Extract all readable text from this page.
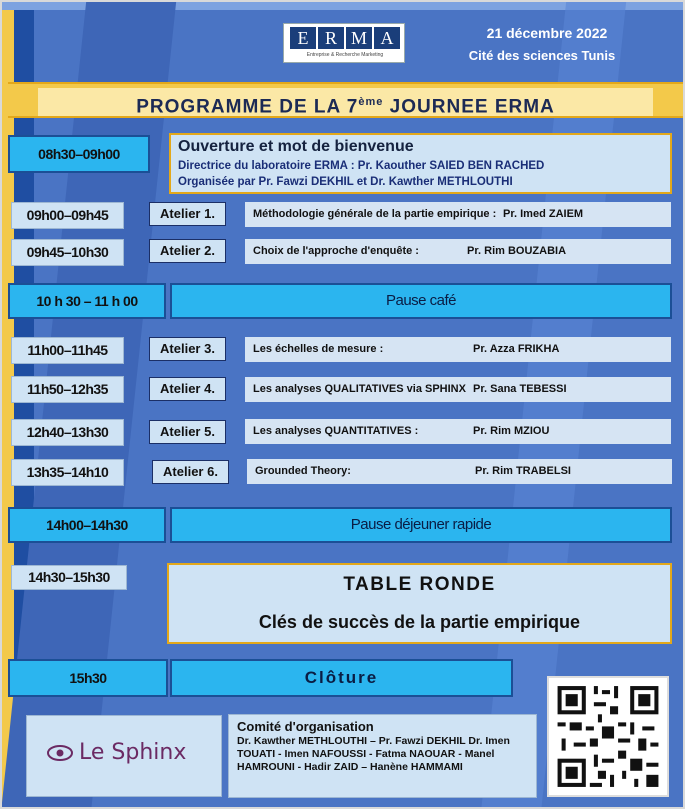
E R M A
Entreprise & Recherche Marketing
21 décembre 2022
Cité des sciences Tunis
PROGRAMME DE LA 7ème JOURNEE ERMA
08h30–09h00	Ouverture et mot de bienvenue
Directrice du laboratoire ERMA : Pr. Kaouther SAIED BEN RACHED
Organisée par Pr. Fawzi DEKHIL et Dr. Kawther METHLOUTHI
09h00–09h45	Atelier 1.	Méthodologie générale de la partie empirique : Pr. Imed ZAIEM
09h45–10h30	Atelier 2.	Choix de l'approche d'enquête :	Pr. Rim BOUZABIA
10 h 30 – 11 h 00	Pause café
11h00–11h45	Atelier 3.	Les échelles de mesure :	Pr. Azza FRIKHA
11h50–12h35	Atelier 4.	Les analyses QUALITATIVES via SPHINX Pr. Sana TEBESSI
12h40–13h30	Atelier 5.	Les analyses QUANTITATIVES :	Pr. Rim MZIOU
13h35–14h10	Atelier 6.	Grounded Theory:	Pr. Rim TRABELSI
14h00–14h30	Pause déjeuner rapide
14h30–15h30	TABLE RONDE
Clés de succès de la partie empirique
15h30	Clôture
Le Sphinx
Comité d'organisation
Dr. Kawther METHLOUTHI – Pr. Fawzi DEKHIL Dr. Imen TOUATI - Imen NAFOUSSI - Fatma NAOUAR - Manel HAMROUNI - Hadir ZAID – Hanène HAMMAMI
